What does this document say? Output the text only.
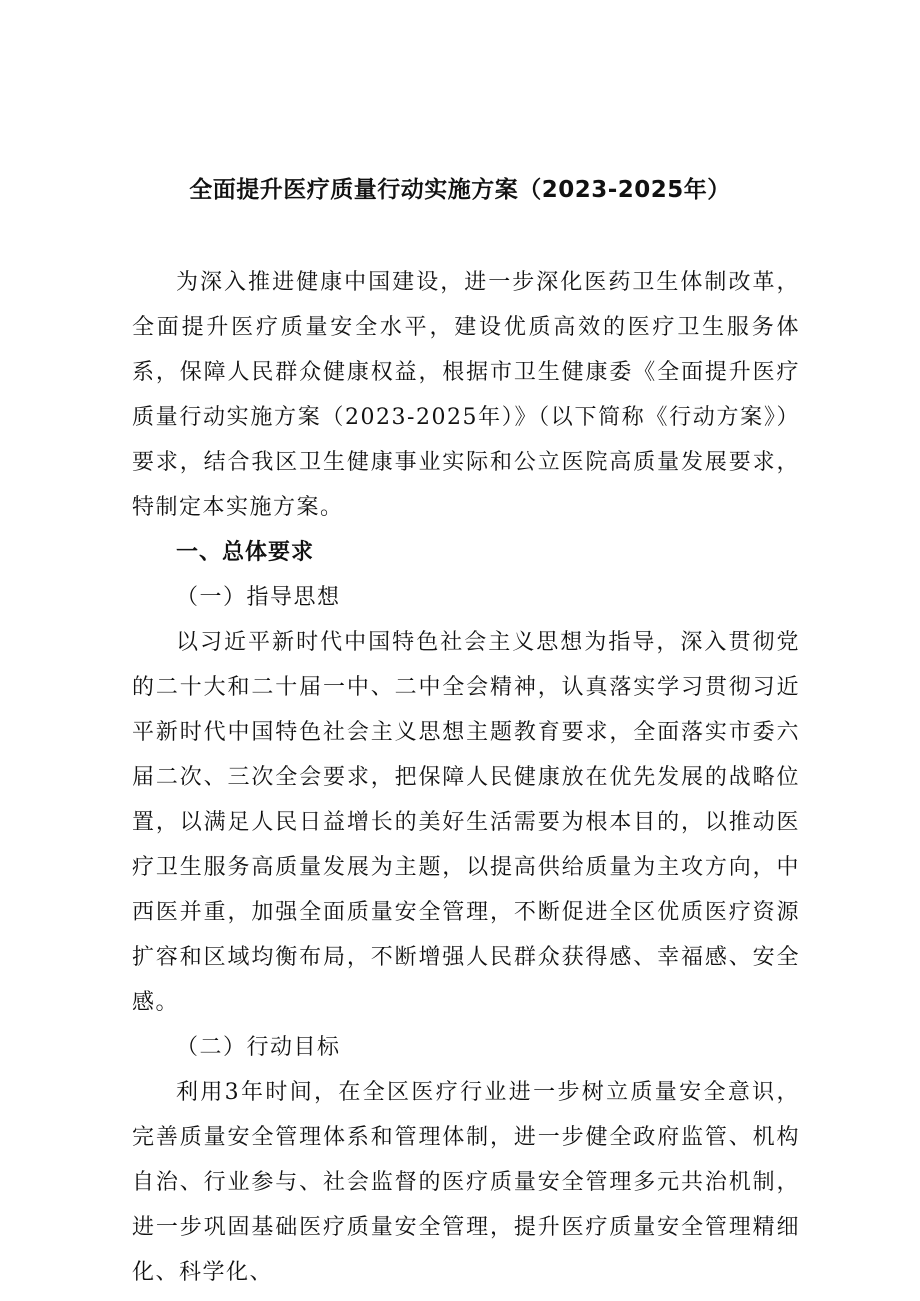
全面提升医疗质量行动实施方案（2023-2025年）

为深入推进健康中国建设，进一步深化医药卫生体制改革，全面提升医疗质量安全水平，建设优质高效的医疗卫生服务体系，保障人民群众健康权益，根据市卫生健康委《全面提升医疗质量行动实施方案（2023-2025年）》（以下简称《行动方案》）要求，结合我区卫生健康事业实际和公立医院高质量发展要求，特制定本实施方案。

一、总体要求

（一）指导思想

以习近平新时代中国特色社会主义思想为指导，深入贯彻党的二十大和二十届一中、二中全会精神，认真落实学习贯彻习近平新时代中国特色社会主义思想主题教育要求，全面落实市委六届二次、三次全会要求，把保障人民健康放在优先发展的战略位置，以满足人民日益增长的美好生活需要为根本目的，以推动医疗卫生服务高质量发展为主题，以提高供给质量为主攻方向，中西医并重，加强全面质量安全管理，不断促进全区优质医疗资源扩容和区域均衡布局，不断增强人民群众获得感、幸福感、安全感。

（二）行动目标

利用3年时间，在全区医疗行业进一步树立质量安全意识，完善质量安全管理体系和管理体制，进一步健全政府监管、机构自治、行业参与、社会监督的医疗质量安全管理多元共治机制，进一步巩固基础医疗质量安全管理，提升医疗质量安全管理精细化、科学化、
